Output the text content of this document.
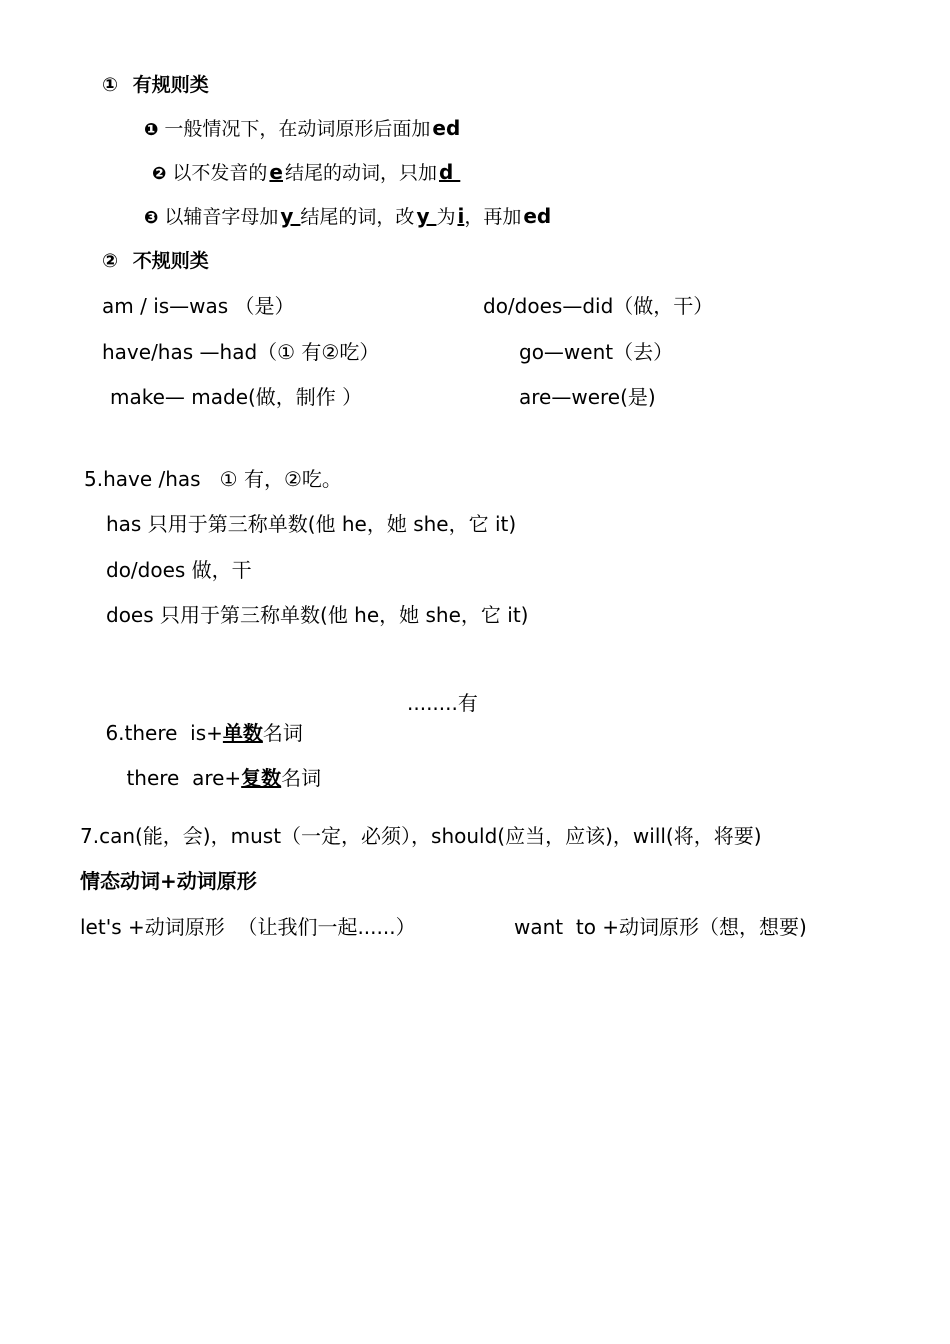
① 有规则类
❶ 一般情况下，在动词原形后面加 ed
❷ 以不发音的 e 结尾的动词，只加 d
❸ 以辅音字母加 y 结尾的词，改 y 为 i，再加 ed
② 不规则类
am / is—was （是）	do/does—did（做，干）
have/has —had（① 有②吃）	go—went（去）
make— made(做，制作 ）	are—were(是)
5.have /has   ① 有，②吃。
has 只用于第三称单数(他 he，她 she，它 it)
do/does 做，干
does 只用于第三称单数(他 he，她 she，它 it)

6.there  is+单数名词

........有

there  are+复数名词

7.can(能，会)，must（一定，必须），should(应当，应该)，will(将，将要)
情态动词+动词原形
let's +动词原形  （让我们一起......）	want  to +动词原形（想，想要)
